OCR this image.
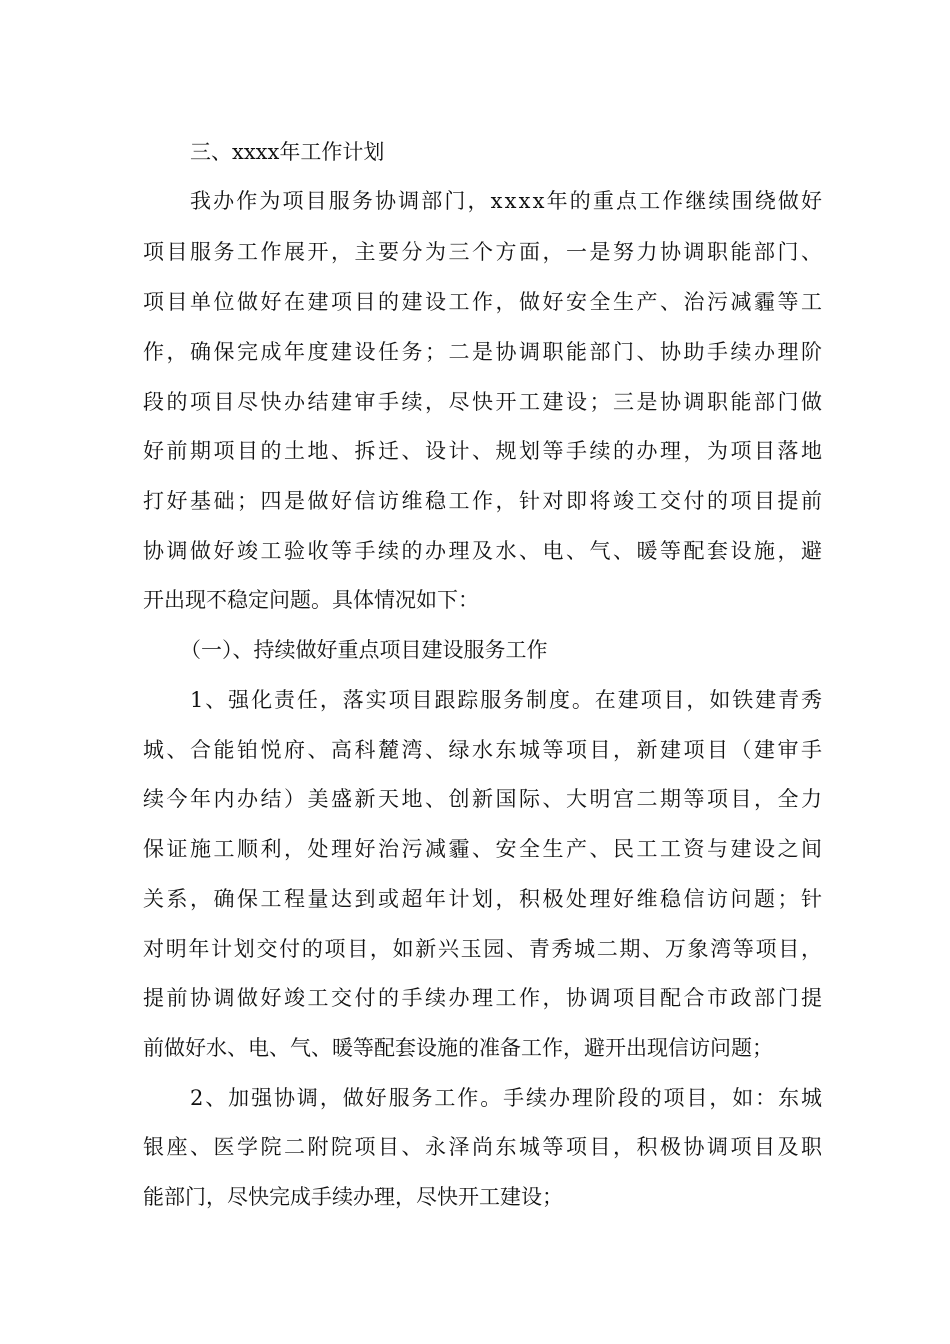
三、xxxx年工作计划

我办作为项目服务协调部门，xxxx年的重点工作继续围绕做好

项目服务工作展开，主要分为三个方面，一是努力协调职能部门、

项目单位做好在建项目的建设工作，做好安全生产、治污减霾等工

作，确保完成年度建设任务；二是协调职能部门、协助手续办理阶

段的项目尽快办结建审手续，尽快开工建设；三是协调职能部门做

好前期项目的土地、拆迁、设计、规划等手续的办理，为项目落地

打好基础；四是做好信访维稳工作，针对即将竣工交付的项目提前

协调做好竣工验收等手续的办理及水、电、气、暖等配套设施，避

开出现不稳定问题。具体情况如下：

（一）、持续做好重点项目建设服务工作

1、强化责任，落实项目跟踪服务制度。在建项目，如铁建青秀

城、合能铂悦府、高科麓湾、绿水东城等项目，新建项目（建审手

续今年内办结）美盛新天地、创新国际、大明宫二期等项目，全力

保证施工顺利，处理好治污减霾、安全生产、民工工资与建设之间

关系，确保工程量达到或超年计划，积极处理好维稳信访问题；针

对明年计划交付的项目，如新兴玉园、青秀城二期、万象湾等项目，

提前协调做好竣工交付的手续办理工作，协调项目配合市政部门提

前做好水、电、气、暖等配套设施的准备工作，避开出现信访问题；

2、加强协调，做好服务工作。手续办理阶段的项目，如：东城

银座、医学院二附院项目、永泽尚东城等项目，积极协调项目及职

能部门，尽快完成手续办理，尽快开工建设；
